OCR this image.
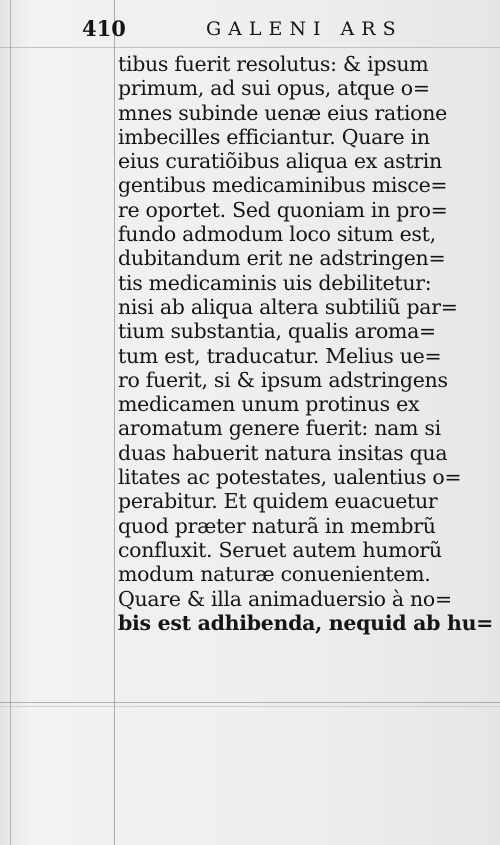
410	GALENI ARS
tibus fuerit resolutus: & ipsum
primum, ad sui opus, atque o=
mnes subinde uenæ eius ratione
imbecilles efficiantur. Quare in
eius curatiõibus aliqua ex astrin
gentibus medicaminibus misce=
re oportet. Sed quoniam in pro=
fundo admodum loco situm est,
dubitandum erit ne adstringen=
tis medicaminis uis debilitetur:
nisi ab aliqua altera subtiliũ par=
tium substantia, qualis aroma=
tum est, traducatur. Melius ue=
ro fuerit, si & ipsum adstringens
medicamen unum protinus ex
aromatum genere fuerit: nam si
duas habuerit natura insitas qua
litates ac potestates, ualentius o=
perabitur. Et quidem euacuetur
quod præter naturã in membrũ
confluxit. Seruet autem humorũ
modum naturæ conuenientem.
Quare & illa animaduersio à no=
bis est adhibenda, nequid ab hu=
